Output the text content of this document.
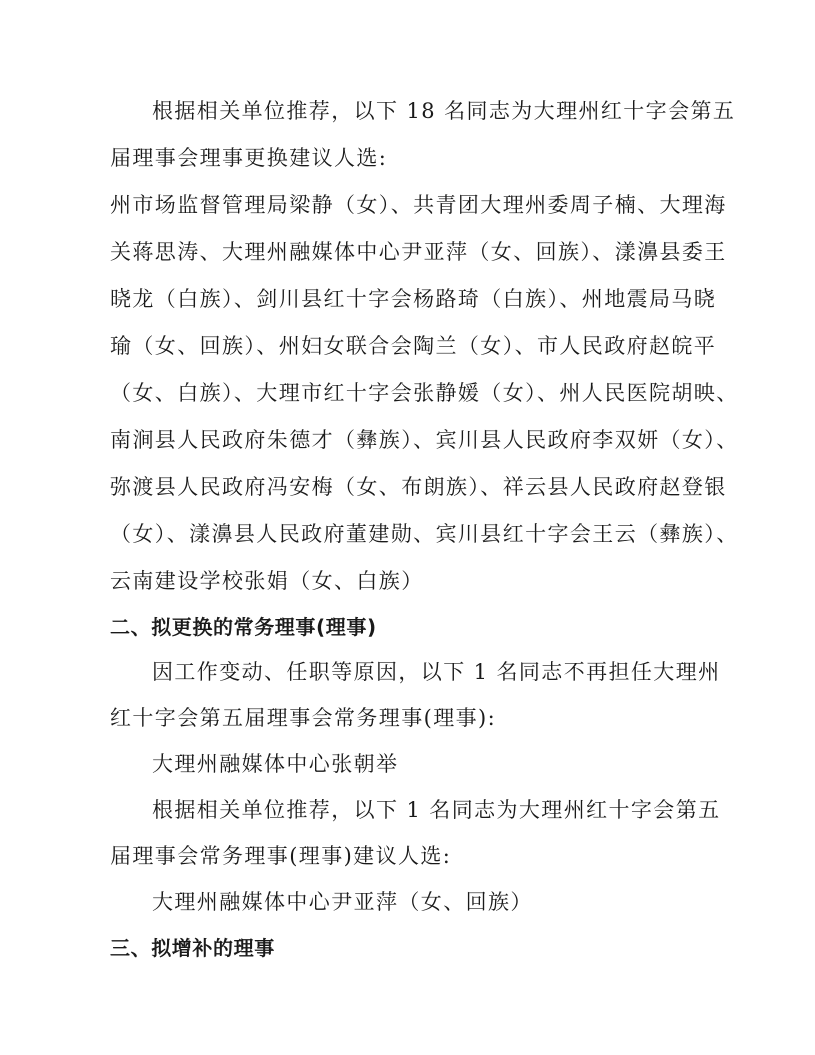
根据相关单位推荐，以下 18 名同志为大理州红十字会第五
届理事会理事更换建议人选:
州市场监督管理局梁静（女）、共青团大理州委周子楠、大理海
关蒋思涛、大理州融媒体中心尹亚萍（女、回族）、漾濞县委王
晓龙（白族）、剑川县红十字会杨路琦（白族）、州地震局马晓
瑜（女、回族）、州妇女联合会陶兰（女）、市人民政府赵皖平
（女、白族）、大理市红十字会张静媛（女）、州人民医院胡映、
南涧县人民政府朱德才（彝族）、宾川县人民政府李双妍（女）、
弥渡县人民政府冯安梅（女、布朗族）、祥云县人民政府赵登银
（女）、漾濞县人民政府董建勋、宾川县红十字会王云（彝族）、
云南建设学校张娟（女、白族）
二、拟更换的常务理事(理事)
因工作变动、任职等原因，以下 1 名同志不再担任大理州
红十字会第五届理事会常务理事(理事):
大理州融媒体中心张朝举
根据相关单位推荐，以下 1 名同志为大理州红十字会第五
届理事会常务理事(理事)建议人选:
大理州融媒体中心尹亚萍（女、回族）
三、拟增补的理事
